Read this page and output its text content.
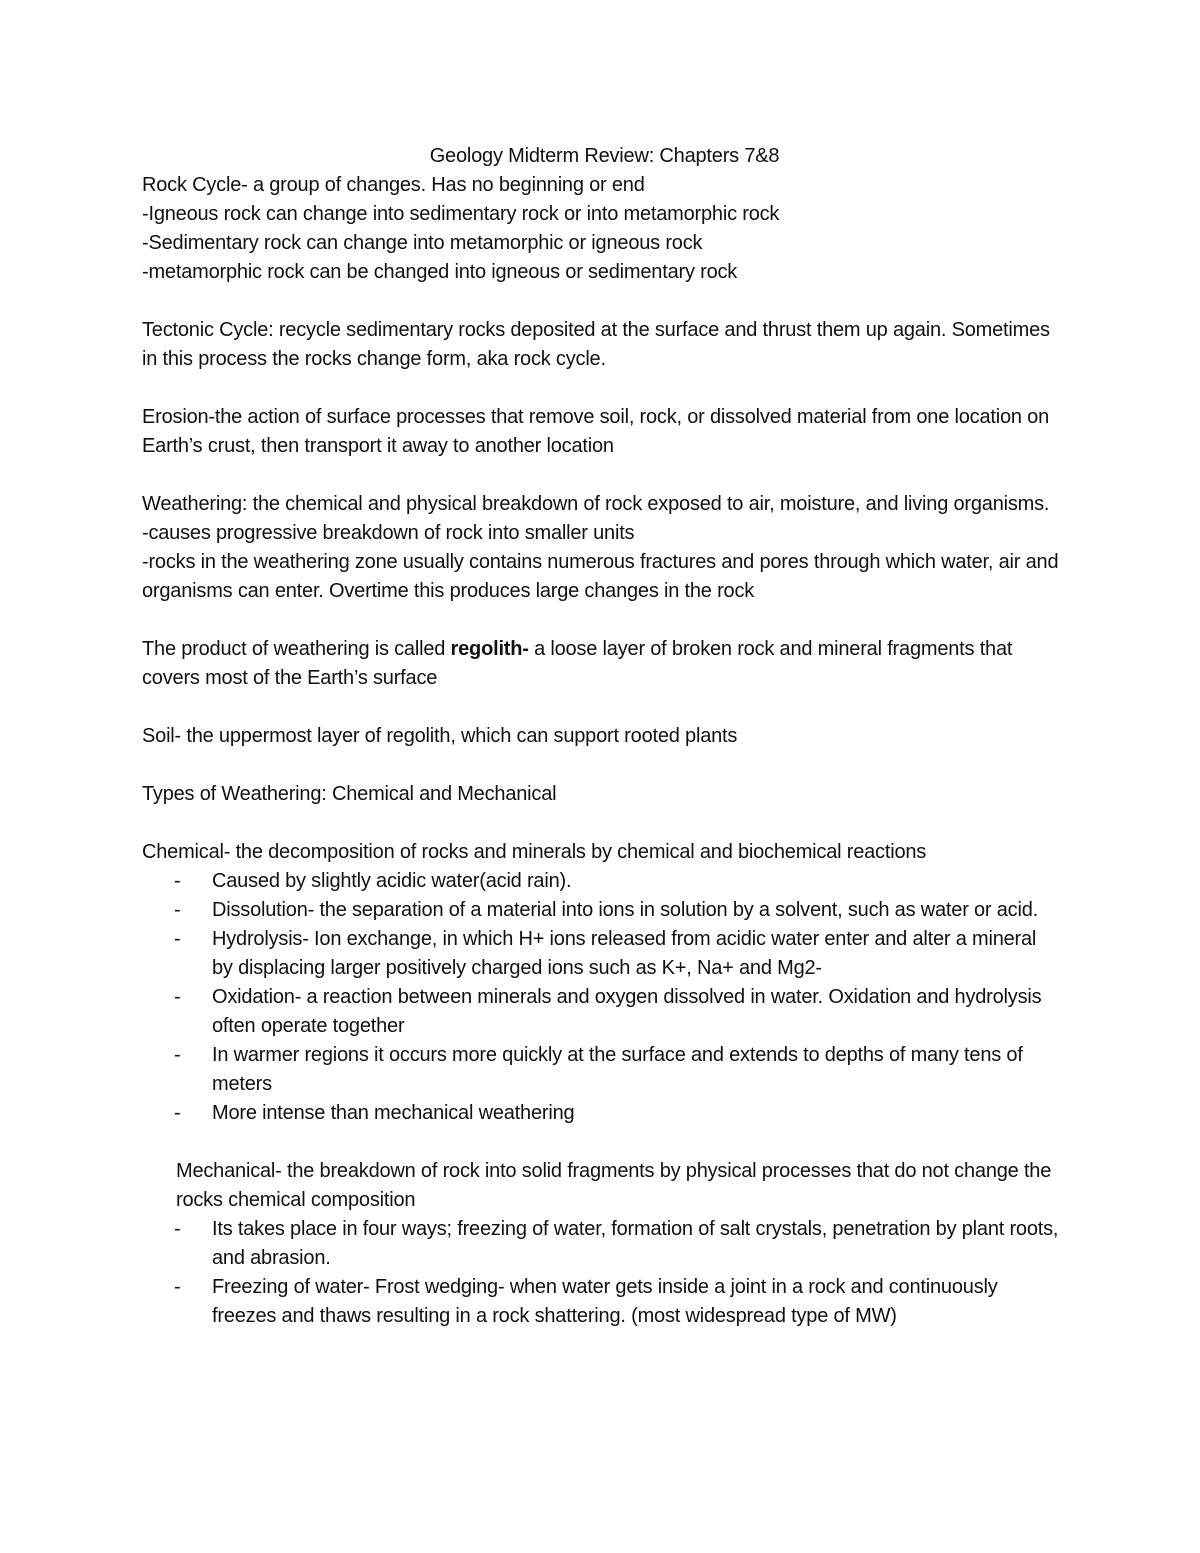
Geology Midterm Review: Chapters 7&8

Rock Cycle- a group of changes. Has no beginning or end

-Igneous rock can change into sedimentary rock or into metamorphic rock

-Sedimentary rock can change into metamorphic or igneous rock

-metamorphic rock can be changed into igneous or sedimentary rock

Tectonic Cycle: recycle sedimentary rocks deposited at the surface and thrust them up again. Sometimes in this process the rocks change form, aka rock cycle.

Erosion-the action of surface processes that remove soil, rock, or dissolved material from one location on Earth’s crust, then transport it away to another location

Weathering: the chemical and physical breakdown of rock exposed to air, moisture, and living organisms.

-causes progressive breakdown of rock into smaller units

-rocks in the weathering zone usually contains numerous fractures and pores through which water, air and organisms can enter. Overtime this produces large changes in the rock

The product of weathering is called regolith- a loose layer of broken rock and mineral fragments that covers most of the Earth’s surface

Soil- the uppermost layer of regolith, which can support rooted plants

Types of Weathering: Chemical and Mechanical

Chemical- the decomposition of rocks and minerals by chemical and biochemical reactions

- Caused by slightly acidic water(acid rain).
- Dissolution- the separation of a material into ions in solution by a solvent, such as water or acid.
- Hydrolysis- Ion exchange, in which H+ ions released from acidic water enter and alter a mineral by displacing larger positively charged ions such as K+, Na+ and Mg2-
- Oxidation- a reaction between minerals and oxygen dissolved in water. Oxidation and hydrolysis often operate together
- In warmer regions it occurs more quickly at the surface and extends to depths of many tens of meters
- More intense than mechanical weathering

Mechanical- the breakdown of rock into solid fragments by physical processes that do not change the rocks chemical composition

- Its takes place in four ways; freezing of water, formation of salt crystals, penetration by plant roots, and abrasion.
- Freezing of water- Frost wedging- when water gets inside a joint in a rock and continuously freezes and thaws resulting in a rock shattering. (most widespread type of MW)
